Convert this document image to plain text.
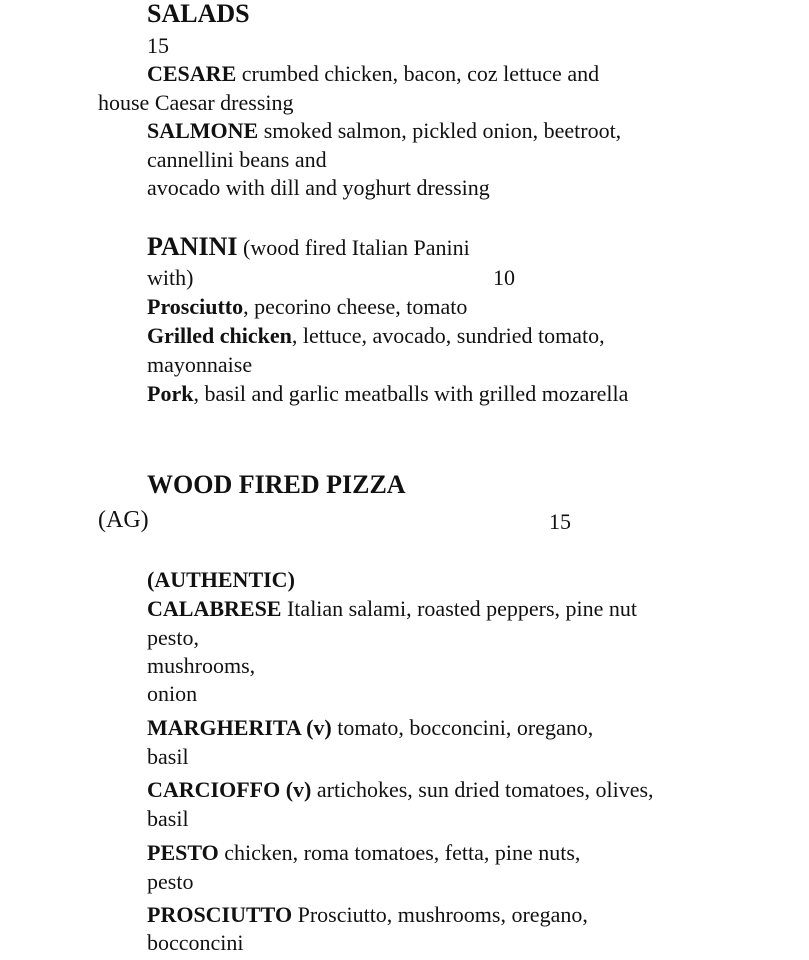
SALADS
15
CESARE crumbed chicken, bacon, coz lettuce and
house Caesar dressing
SALMONE smoked salmon, pickled onion, beetroot,
cannellini beans and
avocado with dill and yoghurt dressing
PANINI (wood fired Italian Panini
with)	10
Prosciutto, pecorino cheese, tomato
Grilled chicken, lettuce, avocado, sundried tomato,
mayonnaise
Pork, basil and garlic meatballs with grilled mozarella
WOOD FIRED PIZZA
(AG)	15
(AUTHENTIC)
CALABRESE Italian salami, roasted peppers, pine nut
pesto,
mushrooms,
onion
MARGHERITA (v) tomato, bocconcini, oregano,
basil
CARCIOFFO (v) artichokes, sun dried tomatoes, olives,
basil
PESTO chicken, roma tomatoes, fetta, pine nuts,
pesto
PROSCIUTTO Prosciutto, mushrooms, oregano,
bocconcini
